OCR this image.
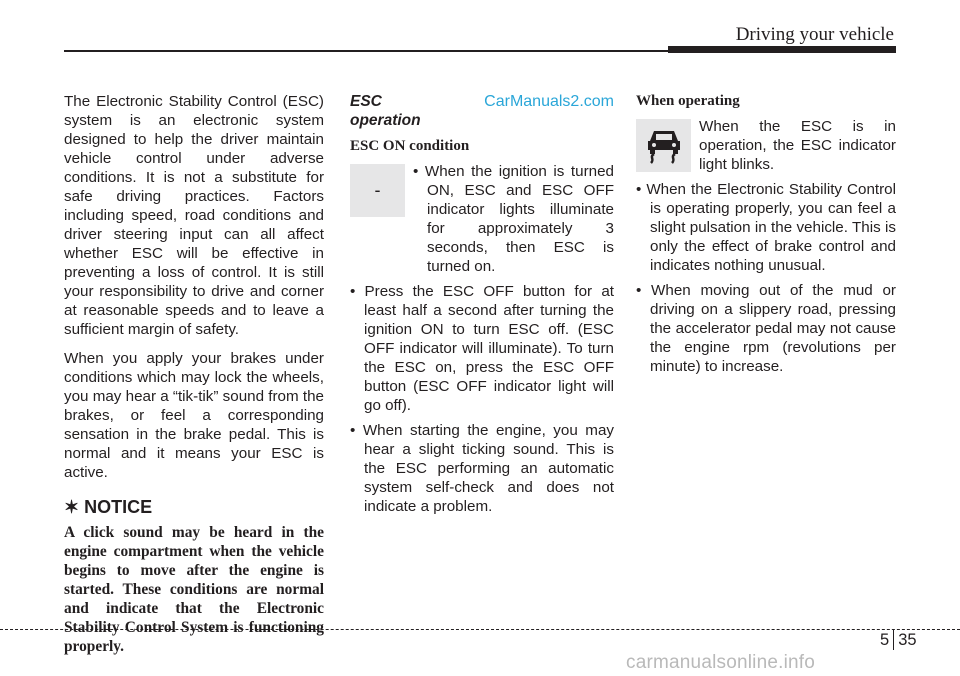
Driving your vehicle

The Electronic Stability Control (ESC) system is an electronic system designed to help the driver maintain vehicle control under adverse conditions. It is not a substitute for safe driving practices. Factors including speed, road conditions and driver steering input can all affect whether ESC will be effective in preventing a loss of control. It is still your responsibility to drive and corner at reasonable speeds and to leave a sufficient margin of safety.

When you apply your brakes under conditions which may lock the wheels, you may hear a “tik-tik” sound from the brakes, or feel a corresponding sensation in the brake pedal. This is normal and it means your ESC is active.

✶ NOTICE

A click sound may be heard in the engine compartment when the vehicle begins to move after the engine is started. These conditions are normal and indicate that the Electronic Stability Control System is functioning properly.

ESC operation
CarManuals2.com
ESC ON condition
-

• When the ignition is turned ON, ESC and ESC OFF indicator lights illuminate for approximately 3 seconds, then ESC is turned on.

• Press the ESC OFF button for at least half a second after turning the ignition ON to turn ESC off. (ESC OFF indicator will illuminate). To turn the ESC on, press the ESC OFF button (ESC OFF indicator light will go off).

• When starting the engine, you may hear a slight ticking sound. This is the ESC performing an automatic system self-check and does not indicate a problem.

When operating

When the ESC is in operation, the ESC indicator light blinks.

• When the Electronic Stability Control is operating properly, you can feel a slight pulsation in the vehicle. This is only the effect of brake control and indicates nothing unusual.

• When moving out of the mud or driving on a slippery road, pressing the accelerator pedal may not cause the engine rpm (revolutions per minute) to increase.

5 35
carmanualsonline.info
